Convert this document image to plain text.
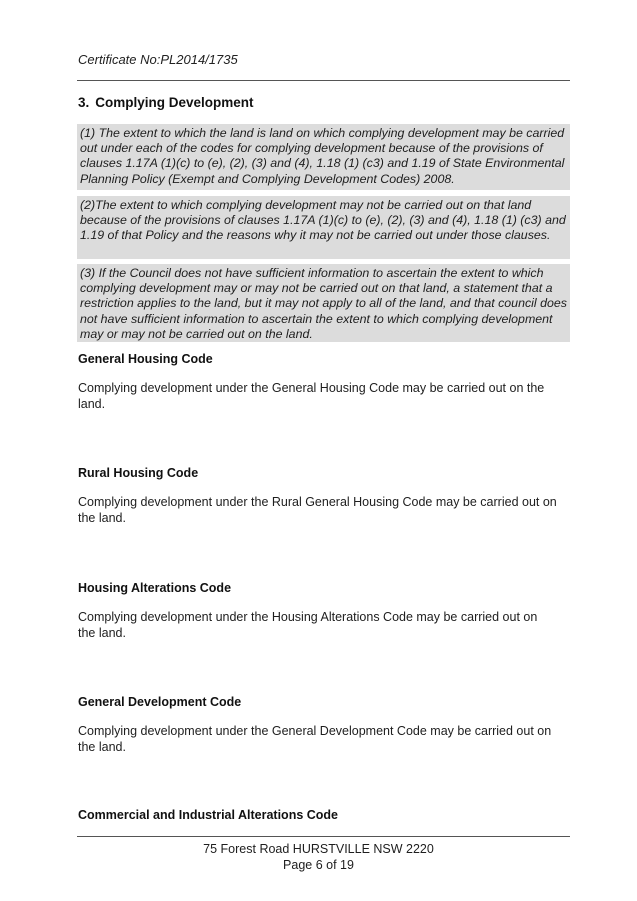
Certificate No:PL2014/1735
3. Complying Development
(1) The extent to which the land is land on which complying development may be carried out under each of the codes for complying development because of the provisions of clauses 1.17A (1)(c) to (e), (2), (3) and (4), 1.18 (1) (c3) and 1.19 of State Environmental Planning Policy (Exempt and Complying Development Codes) 2008.
(2)The extent to which complying development may not be carried out on that land because of the provisions of clauses 1.17A (1)(c) to (e), (2), (3) and (4), 1.18 (1) (c3) and 1.19 of that Policy and the reasons why it may not be carried out under those clauses.
(3) If the Council does not have sufficient information to ascertain the extent to which complying development may or may not be carried out on that land, a statement that a restriction applies to the land, but it may not apply to all of the land, and that council does not have sufficient information to ascertain the extent to which complying development may or may not be carried out on the land.
General Housing Code
Complying development under the General Housing Code may be carried out on the land.
Rural Housing Code
Complying development under the Rural General Housing Code may be carried out on the land.
Housing Alterations Code
Complying development under the Housing Alterations Code may be carried out on the land.
General Development Code
Complying development under the General Development Code may be carried out on the land.
Commercial and Industrial Alterations Code
75 Forest Road HURSTVILLE NSW 2220
Page 6 of 19
